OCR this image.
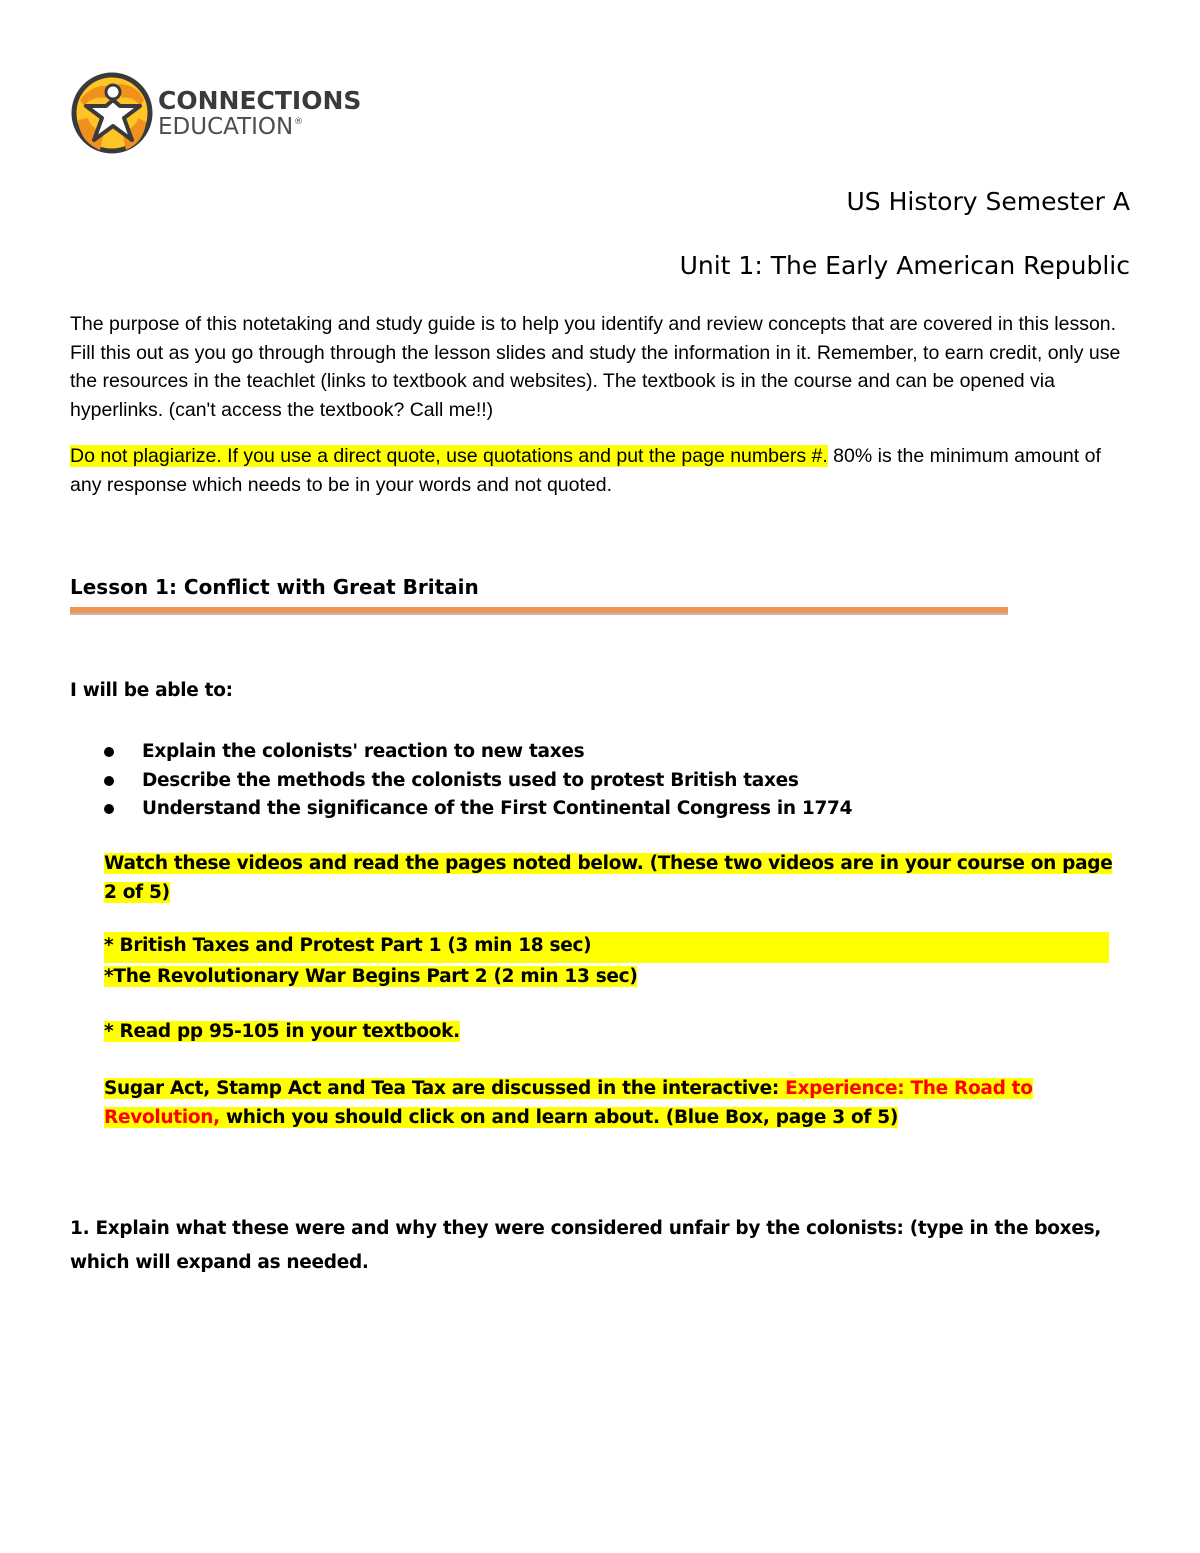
CONNECTIONS
EDUCATION ®
US History Semester A
Unit 1: The Early American Republic
The purpose of this notetaking and study guide is to help you identify and review concepts that are covered in this lesson. Fill this out as you go through through the lesson slides and study the information in it. Remember, to earn credit, only use the resources in the teachlet (links to textbook and websites). The textbook is in the course and can be opened via hyperlinks. (can't access the textbook? Call me!!)
Do not plagiarize. If you use a direct quote, use quotations and put the page numbers #. 80% is the minimum amount of any response which needs to be in your words and not quoted.
Lesson 1: Conflict with Great Britain
I will be able to:
Explain the colonists' reaction to new taxes
Describe the methods the colonists used to protest British taxes
Understand the significance of the First Continental Congress in 1774
Watch these videos and read the pages noted below. (These two videos are in your course on page 2 of 5)
* British Taxes and Protest Part 1 (3 min 18 sec)
*The Revolutionary War Begins Part 2 (2 min 13 sec)
* Read pp 95-105 in your textbook.
Sugar Act, Stamp Act and Tea Tax are discussed in the interactive: Experience: The Road to Revolution, which you should click on and learn about. (Blue Box, page 3 of 5)
1. Explain what these were and why they were considered unfair by the colonists: (type in the boxes, which will expand as needed.
